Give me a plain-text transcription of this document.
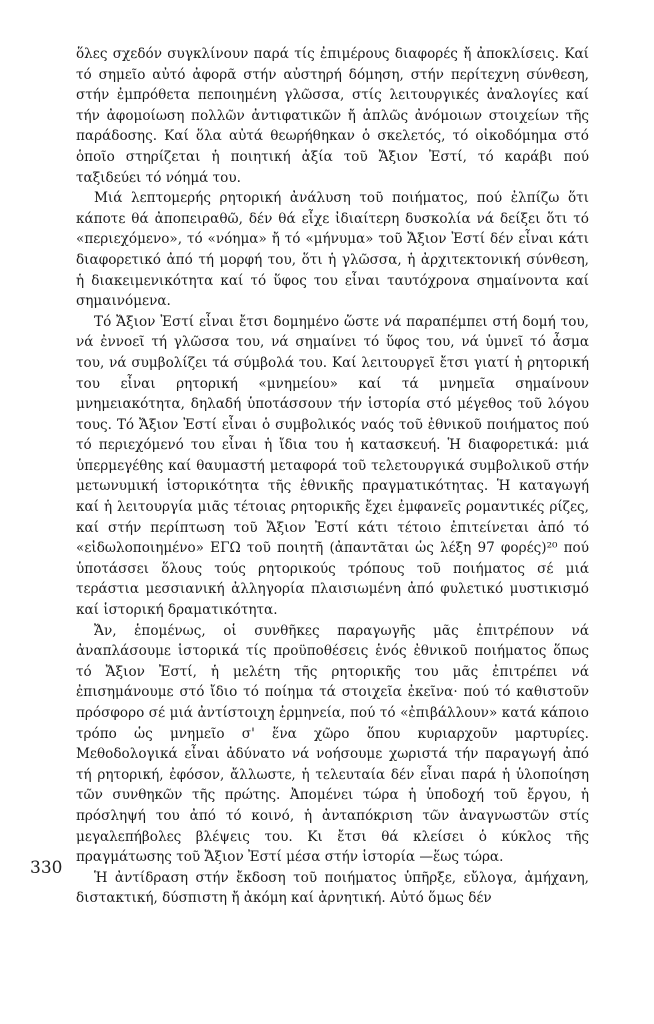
ὅλες σχεδόν συγκλίνουν παρά τίς ἐπιμέρους διαφορές ἤ ἀποκλίσεις. Καί τό σημεῖο αὐτό ἀφορᾶ στήν αὐστηρή δόμηση, στήν περίτεχνη σύνθεση, στήν ἐμπρόθετα πεποιημένη γλῶσσα, στίς λειτουργικές ἀναλογίες καί τήν ἀφομοίωση πολλῶν ἀντιφατικῶν ἤ ἁπλῶς ἀνόμοιων στοιχείων τῆς παράδοσης. Καί ὅλα αὐτά θεωρήθηκαν ὁ σκελετός, τό οἰκοδόμημα στό ὁποῖο στηρίζεται ἡ ποιητική ἀξία τοῦ Ἄξιον Ἐστί, τό καράβι πού ταξιδεύει τό νόημά του.

Μιά λεπτομερής ρητορική ἀνάλυση τοῦ ποιήματος, πού ἐλπίζω ὅτι κάποτε θά ἀποπειραθῶ, δέν θά εἶχε ἰδιαίτερη δυσκολία νά δείξει ὅτι τό «περιεχόμενο», τό «νόημα» ἤ τό «μήνυμα» τοῦ Ἄξιον Ἐστί δέν εἶναι κάτι διαφορετικό ἀπό τή μορφή του, ὅτι ἡ γλῶσσα, ἡ ἀρχιτεκτονική σύνθεση, ἡ διακειμενικότητα καί τό ὕφος του εἶναι ταυτόχρονα σημαίνοντα καί σημαινόμενα.

Τό Ἄξιον Ἐστί εἶναι ἔτσι δομημένο ὥστε νά παραπέμπει στή δομή του, νά ἐννοεῖ τή γλῶσσα του, νά σημαίνει τό ὕφος του, νά ὑμνεῖ τό ἆσμα του, νά συμβολίζει τά σύμβολά του. Καί λειτουργεῖ ἔτσι γιατί ἡ ρητορική του εἶναι ρητορική «μνημείου» καί τά μνημεῖα σημαίνουν μνημειακότητα, δηλαδή ὑποτάσσουν τήν ἱστορία στό μέγεθος τοῦ λόγου τους. Τό Ἄξιον Ἐστί εἶναι ὁ συμβολικός ναός τοῦ ἐθνικοῦ ποιήματος πού τό περιεχόμενό του εἶναι ἡ ἴδια του ἡ κατασκευή. Ἡ διαφορετικά: μιά ὑπερμεγέθης καί θαυμαστή μεταφορά τοῦ τελετουργικά συμβολικοῦ στήν μετωνυμική ἱστορικότητα τῆς ἐθνικῆς πραγματικότητας. Ἡ καταγωγή καί ἡ λειτουργία μιᾶς τέτοιας ρητορικῆς ἔχει ἐμφανεῖς ρομαντικές ρίζες, καί στήν περίπτωση τοῦ Ἄξιον Ἐστί κάτι τέτοιο ἐπιτείνεται ἀπό τό «εἰδωλοποιημένο» ΕΓΩ τοῦ ποιητῆ (ἀπαντᾶται ὡς λέξη 97 φορές)²⁰ πού ὑποτάσσει ὅλους τούς ρητορικούς τρόπους τοῦ ποιήματος σέ μιά τεράστια μεσσιανική ἀλληγορία πλαισιωμένη ἀπό φυλετικό μυστικισμό καί ἱστορική δραματικότητα.

Ἄν, ἑπομένως, οἱ συνθῆκες παραγωγῆς μᾶς ἐπιτρέπουν νά ἀναπλάσουμε ἱστορικά τίς προϋποθέσεις ἑνός ἐθνικοῦ ποιήματος ὅπως τό Ἄξιον Ἐστί, ἡ μελέτη τῆς ρητορικῆς του μᾶς ἐπιτρέπει νά ἐπισημάνουμε στό ἴδιο τό ποίημα τά στοιχεῖα ἐκεῖνα· πού τό καθιστοῦν πρόσφορο σέ μιά ἀντίστοιχη ἑρμηνεία, πού τό «ἐπιβάλλουν» κατά κάποιο τρόπο ὡς μνημεῖο σ' ἕνα χῶρο ὅπου κυριαρχοῦν μαρτυρίες. Μεθοδολογικά εἶναι ἀδύνατο νά νοήσουμε χωριστά τήν παραγωγή ἀπό τή ρητορική, ἐφόσον, ἄλλωστε, ἡ τελευταία δέν εἶναι παρά ἡ ὑλοποίηση τῶν συνθηκῶν τῆς πρώτης. Ἀπομένει τώρα ἡ ὑποδοχή τοῦ ἔργου, ἡ πρόσληψή του ἀπό τό κοινό, ἡ ἀνταπόκριση τῶν ἀναγνωστῶν στίς μεγαλεπήβολες βλέψεις του. Κι ἔτσι θά κλείσει ὁ κύκλος τῆς πραγμάτωσης τοῦ Ἄξιον Ἐστί μέσα στήν ἱστορία —ἕως τώρα.

Ἡ ἀντίδραση στήν ἔκδοση τοῦ ποιήματος ὑπῆρξε, εὔλογα, ἀμήχανη, διστακτική, δύσπιστη ἤ ἀκόμη καί ἀρνητική. Αὐτό ὅμως δέν

330
